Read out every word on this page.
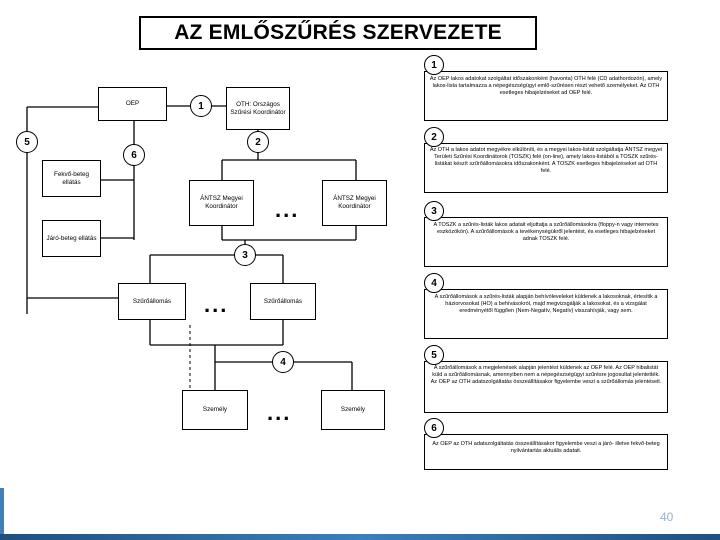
AZ EMLŐSZŰRÉS SZERVEZETE
OEP	OTH: Országos Szűrési Koordinátor
Fekvő-beteg ellátás
Járó-beteg ellátás
ÁNTSZ Megyei Koordinátor
ÁNTSZ Megyei Koordinátor
Szűrőállomás	Szűrőállomás
Személy	Személy
1
2
3
4
5
6
...
...
...
Az OEP lakos adatokat szolgáltat időszakonként (havonta) OTH felé (CD adathordozón), amely lakos-lista tartalmazza a népegészségügyi emlő-szűrésen részt vehető személyeket. Az OTH esetleges hibajelzéseket ad OEP felé.
1
Az OTH a lakos adatot megyékre elkülöníti, és a megyei lakos-listát szolgáltatja ÁNTSZ megyei Területi Szűrési Koordinátorok (TOSZK) felé (on-line), amely lakos-listából a TOSZK szűrés-listákat készít szűrőállomásokra időszakonként. A TOSZK esetleges hibajelzéseket ad OTH felé.
2
A TOSZK a szűrés-listák lakos adatait eljuttatja a szűrőállomásokra (floppy-n vagy internetes eszközökön). A szűrőállomások a tevékenységükről jelentést, és esetleges hibajelzéseket adnak TOSZK felé.
3
A szűrőállomások a szűrés-listák alapján behívóleveleket küldenek a lakosoknak, értesítik a háziorvosokat (HO) a behívásokról, majd megvizsgálják a lakosokat, és a vizsgálat eredményétől függően (Nem-Negatív, Negatív) visszahívják, vagy sem.
4
A szűrőállomások a megjelenések alapján jelentést küldenek az OEP felé. Az OEP hibalistát küld a szűrőállomásnak, amennyiben nem a népegészségügyi szűrésre jogosultat jelentették. Az OEP az OTH adatszolgáltatás összeállításakor figyelembe veszi a szűrőállomás jelentéseit.
5
Az OEP az OTH adatszolgáltatás összeállításakor figyelembe veszi a járó- illetve fekvő-beteg nyilvántartás aktuális adatait.
6
40
